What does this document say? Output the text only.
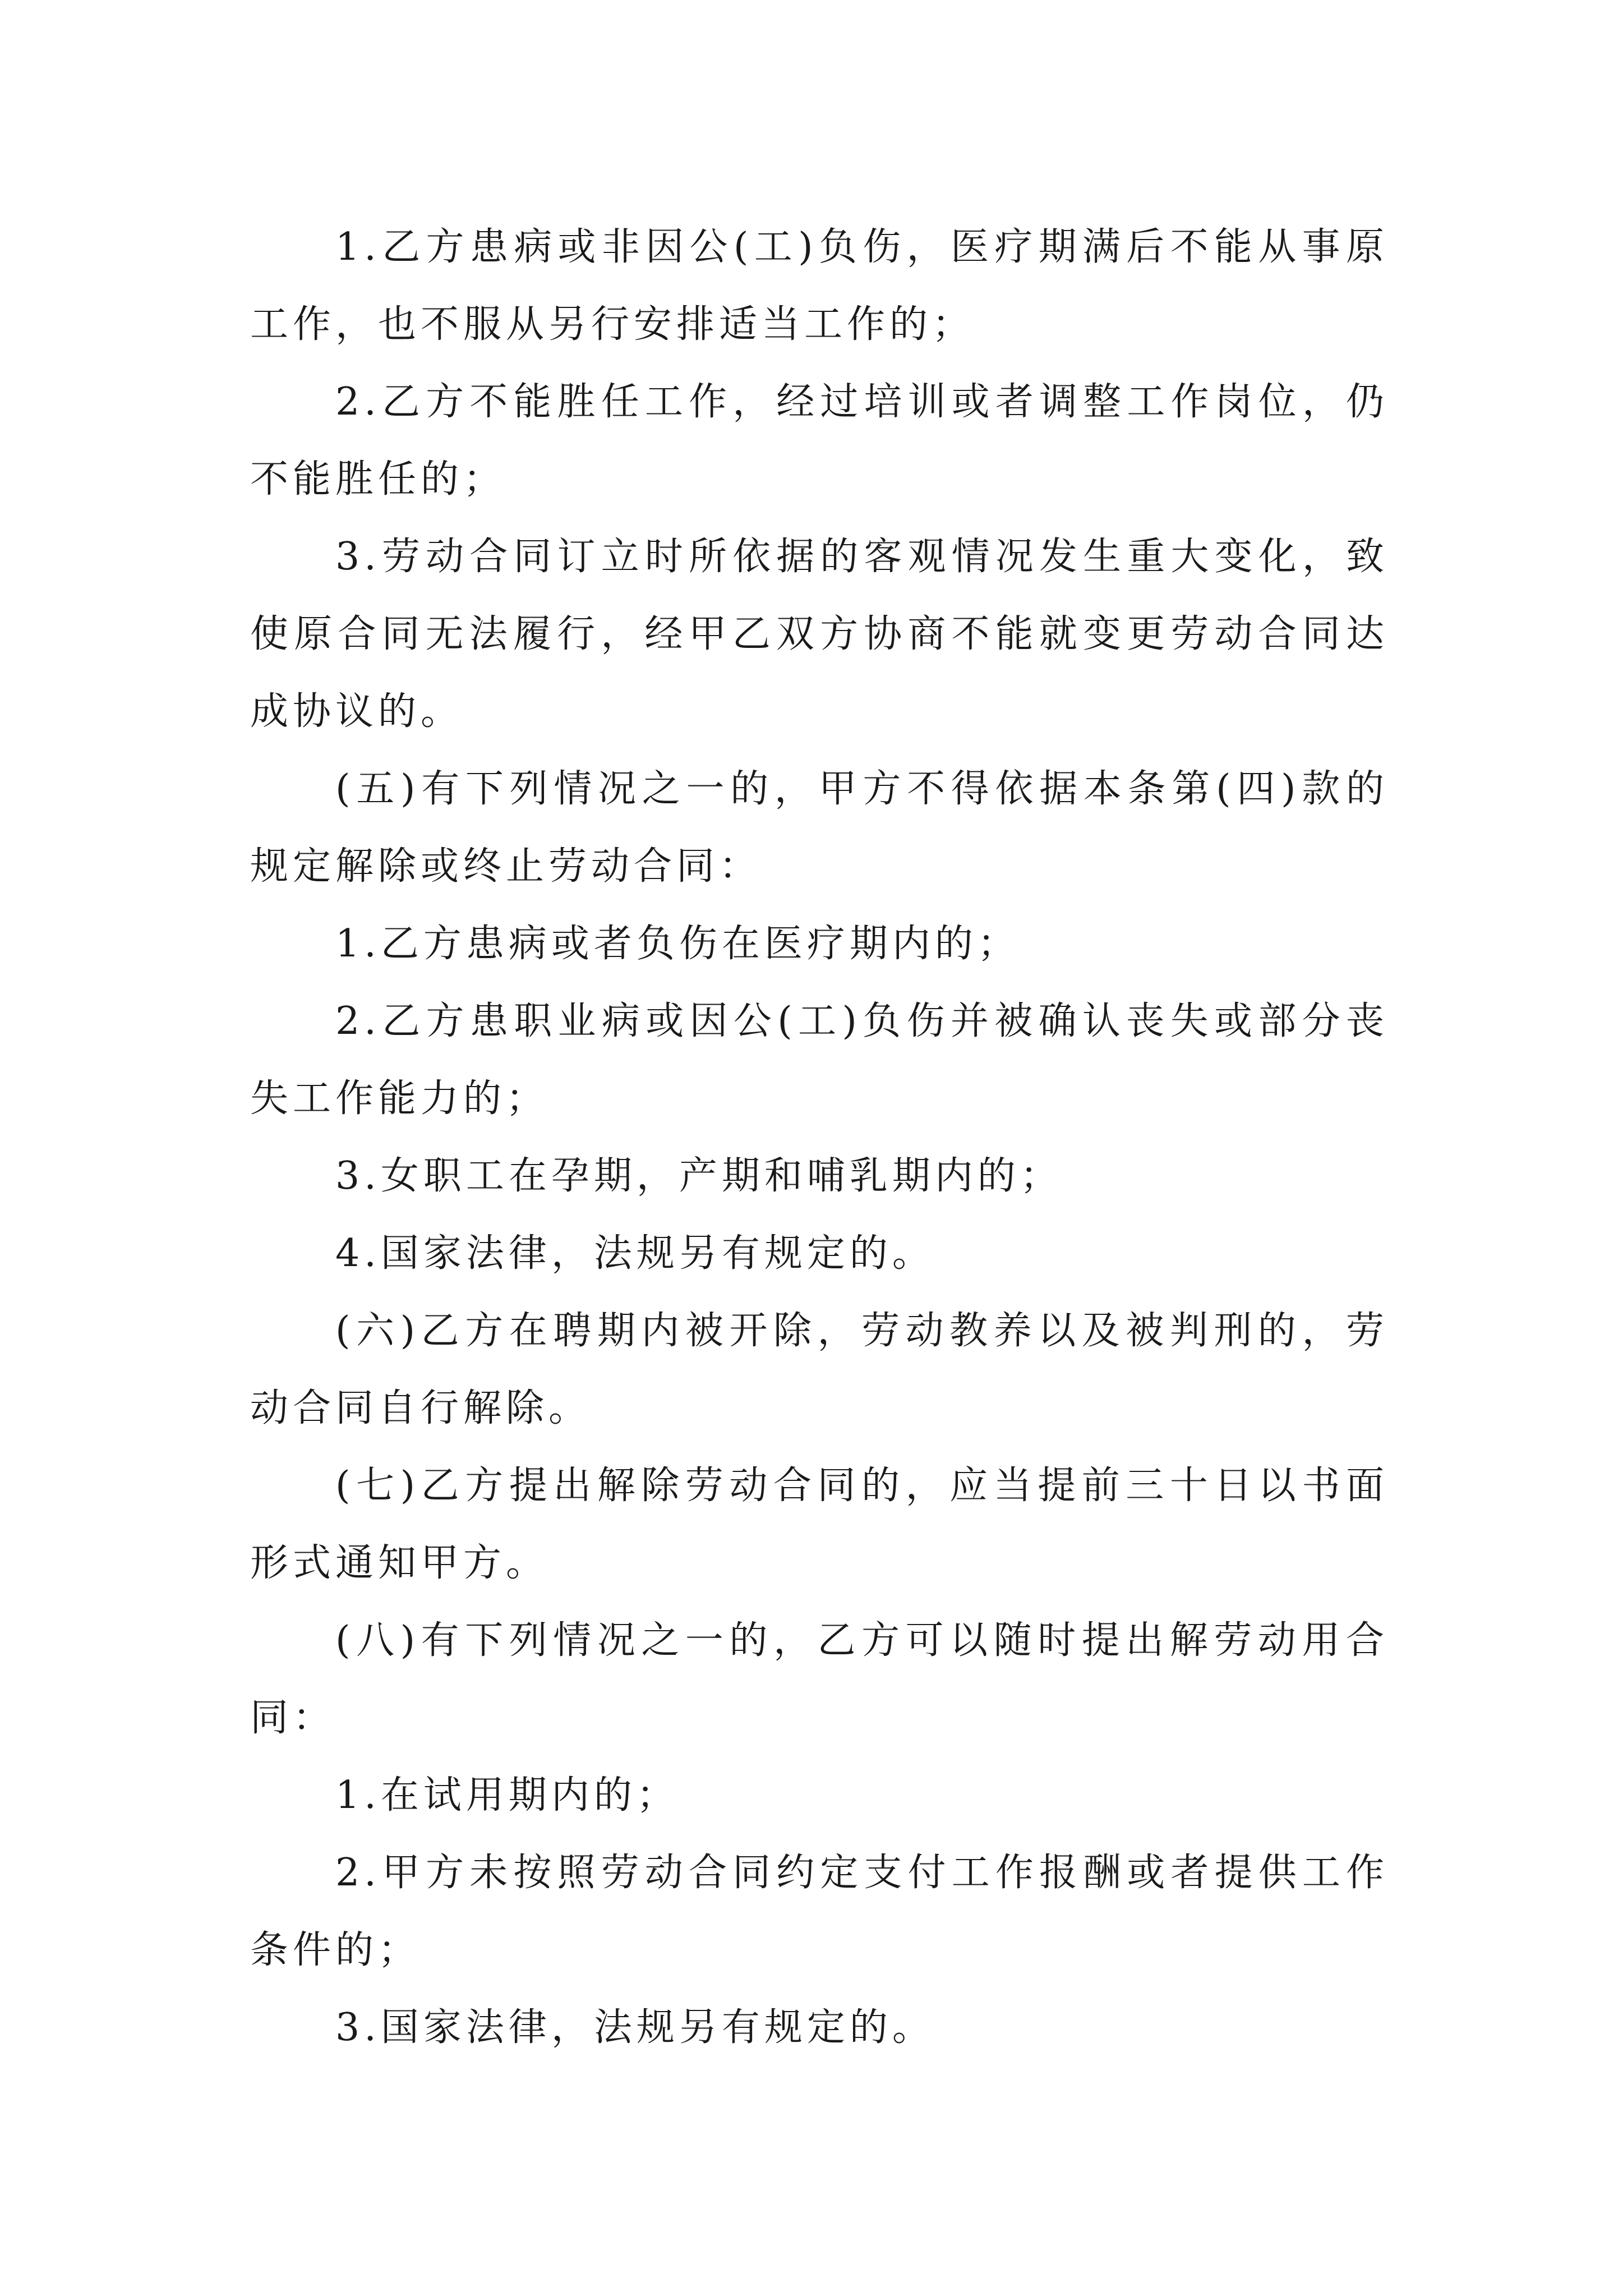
1.乙方患病或非因公(工)负伤，医疗期满后不能从事原工作，也不服从另行安排适当工作的；

2.乙方不能胜任工作，经过培训或者调整工作岗位，仍不能胜任的；

3.劳动合同订立时所依据的客观情况发生重大变化，致使原合同无法履行，经甲乙双方协商不能就变更劳动合同达成协议的。

(五)有下列情况之一的，甲方不得依据本条第(四)款的规定解除或终止劳动合同：

1.乙方患病或者负伤在医疗期内的；

2.乙方患职业病或因公(工)负伤并被确认丧失或部分丧失工作能力的；

3.女职工在孕期，产期和哺乳期内的；

4.国家法律，法规另有规定的。

(六)乙方在聘期内被开除，劳动教养以及被判刑的，劳动合同自行解除。

(七)乙方提出解除劳动合同的，应当提前三十日以书面形式通知甲方。

(八)有下列情况之一的，乙方可以随时提出解劳动用合同：

1.在试用期内的；

2.甲方未按照劳动合同约定支付工作报酬或者提供工作条件的；

3.国家法律，法规另有规定的。
